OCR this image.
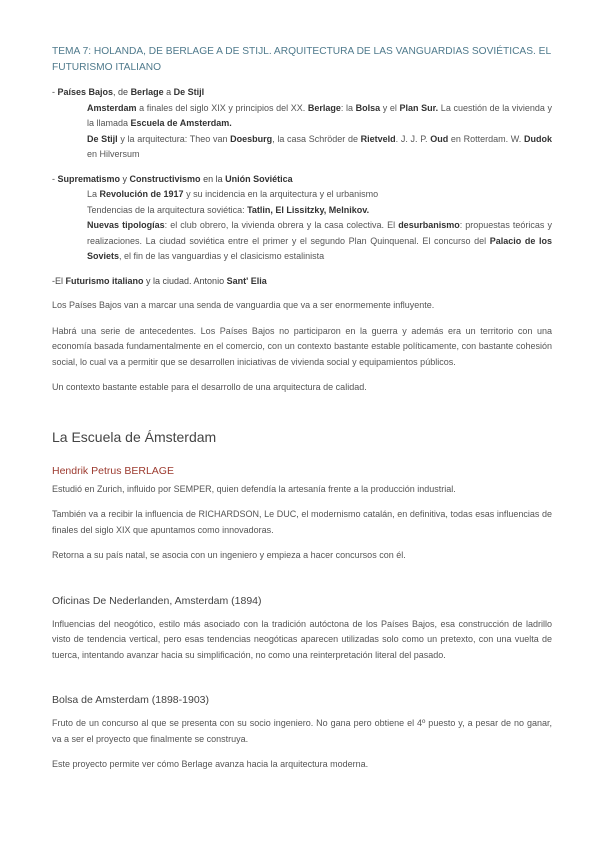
TEMA 7: HOLANDA, DE BERLAGE A DE STIJL. ARQUITECTURA DE LAS VANGUARDIAS SOVIÉTICAS. EL FUTURISMO ITALIANO

- Países Bajos, de Berlage a De Stijl

Amsterdam a finales del siglo XIX y principios del XX. Berlage: la Bolsa y el Plan Sur. La cuestión de la vivienda y la llamada Escuela de Amsterdam.

De Stijl y la arquitectura: Theo van Doesburg, la casa Schröder de Rietveld. J. J. P. Oud en Rotterdam. W. Dudok en Hilversum

- Suprematismo y Constructivismo en la Unión Soviética

La Revolución de 1917 y su incidencia en la arquitectura y el urbanismo

Tendencias de la arquitectura soviética: Tatlin, El Lissitzky, Melnikov.

Nuevas tipologías: el club obrero, la vivienda obrera y la casa colectiva. El desurbanismo: propuestas teóricas y realizaciones. La ciudad soviética entre el primer y el segundo Plan Quinquenal. El concurso del Palacio de los Soviets, el fin de las vanguardias y el clasicismo estalinista

-El Futurismo italiano y la ciudad. Antonio Sant' Elia

Los Países Bajos van a marcar una senda de vanguardia que va a ser enormemente influyente.

Habrá una serie de antecedentes. Los Países Bajos no participaron en la guerra y además era un territorio con una economía basada fundamentalmente en el comercio, con un contexto bastante estable políticamente, con bastante cohesión social, lo cual va a permitir que se desarrollen iniciativas de vivienda social y equipamientos públicos.

Un contexto bastante estable para el desarrollo de una arquitectura de calidad.

La Escuela de Ámsterdam
Hendrik Petrus BERLAGE

Estudió en Zurich, influido por SEMPER, quien defendía la artesanía frente a la producción industrial.

También va a recibir la influencia de RICHARDSON, Le DUC, el modernismo catalán, en definitiva, todas esas influencias de finales del siglo XIX que apuntamos como innovadoras.

Retorna a su país natal, se asocia con un ingeniero y empieza a hacer concursos con él.

Oficinas De Nederlanden, Amsterdam (1894)

Influencias del neogótico, estilo más asociado con la tradición autóctona de los Países Bajos, esa construcción de ladrillo visto de tendencia vertical, pero esas tendencias neogóticas aparecen utilizadas solo como un pretexto, con una vuelta de tuerca, intentando avanzar hacia su simplificación, no como una reinterpretación literal del pasado.

Bolsa de Amsterdam (1898-1903)

Fruto de un concurso al que se presenta con su socio ingeniero. No gana pero obtiene el 4º puesto y, a pesar de no ganar, va a ser el proyecto que finalmente se construya.

Este proyecto permite ver cómo Berlage avanza hacia la arquitectura moderna.
